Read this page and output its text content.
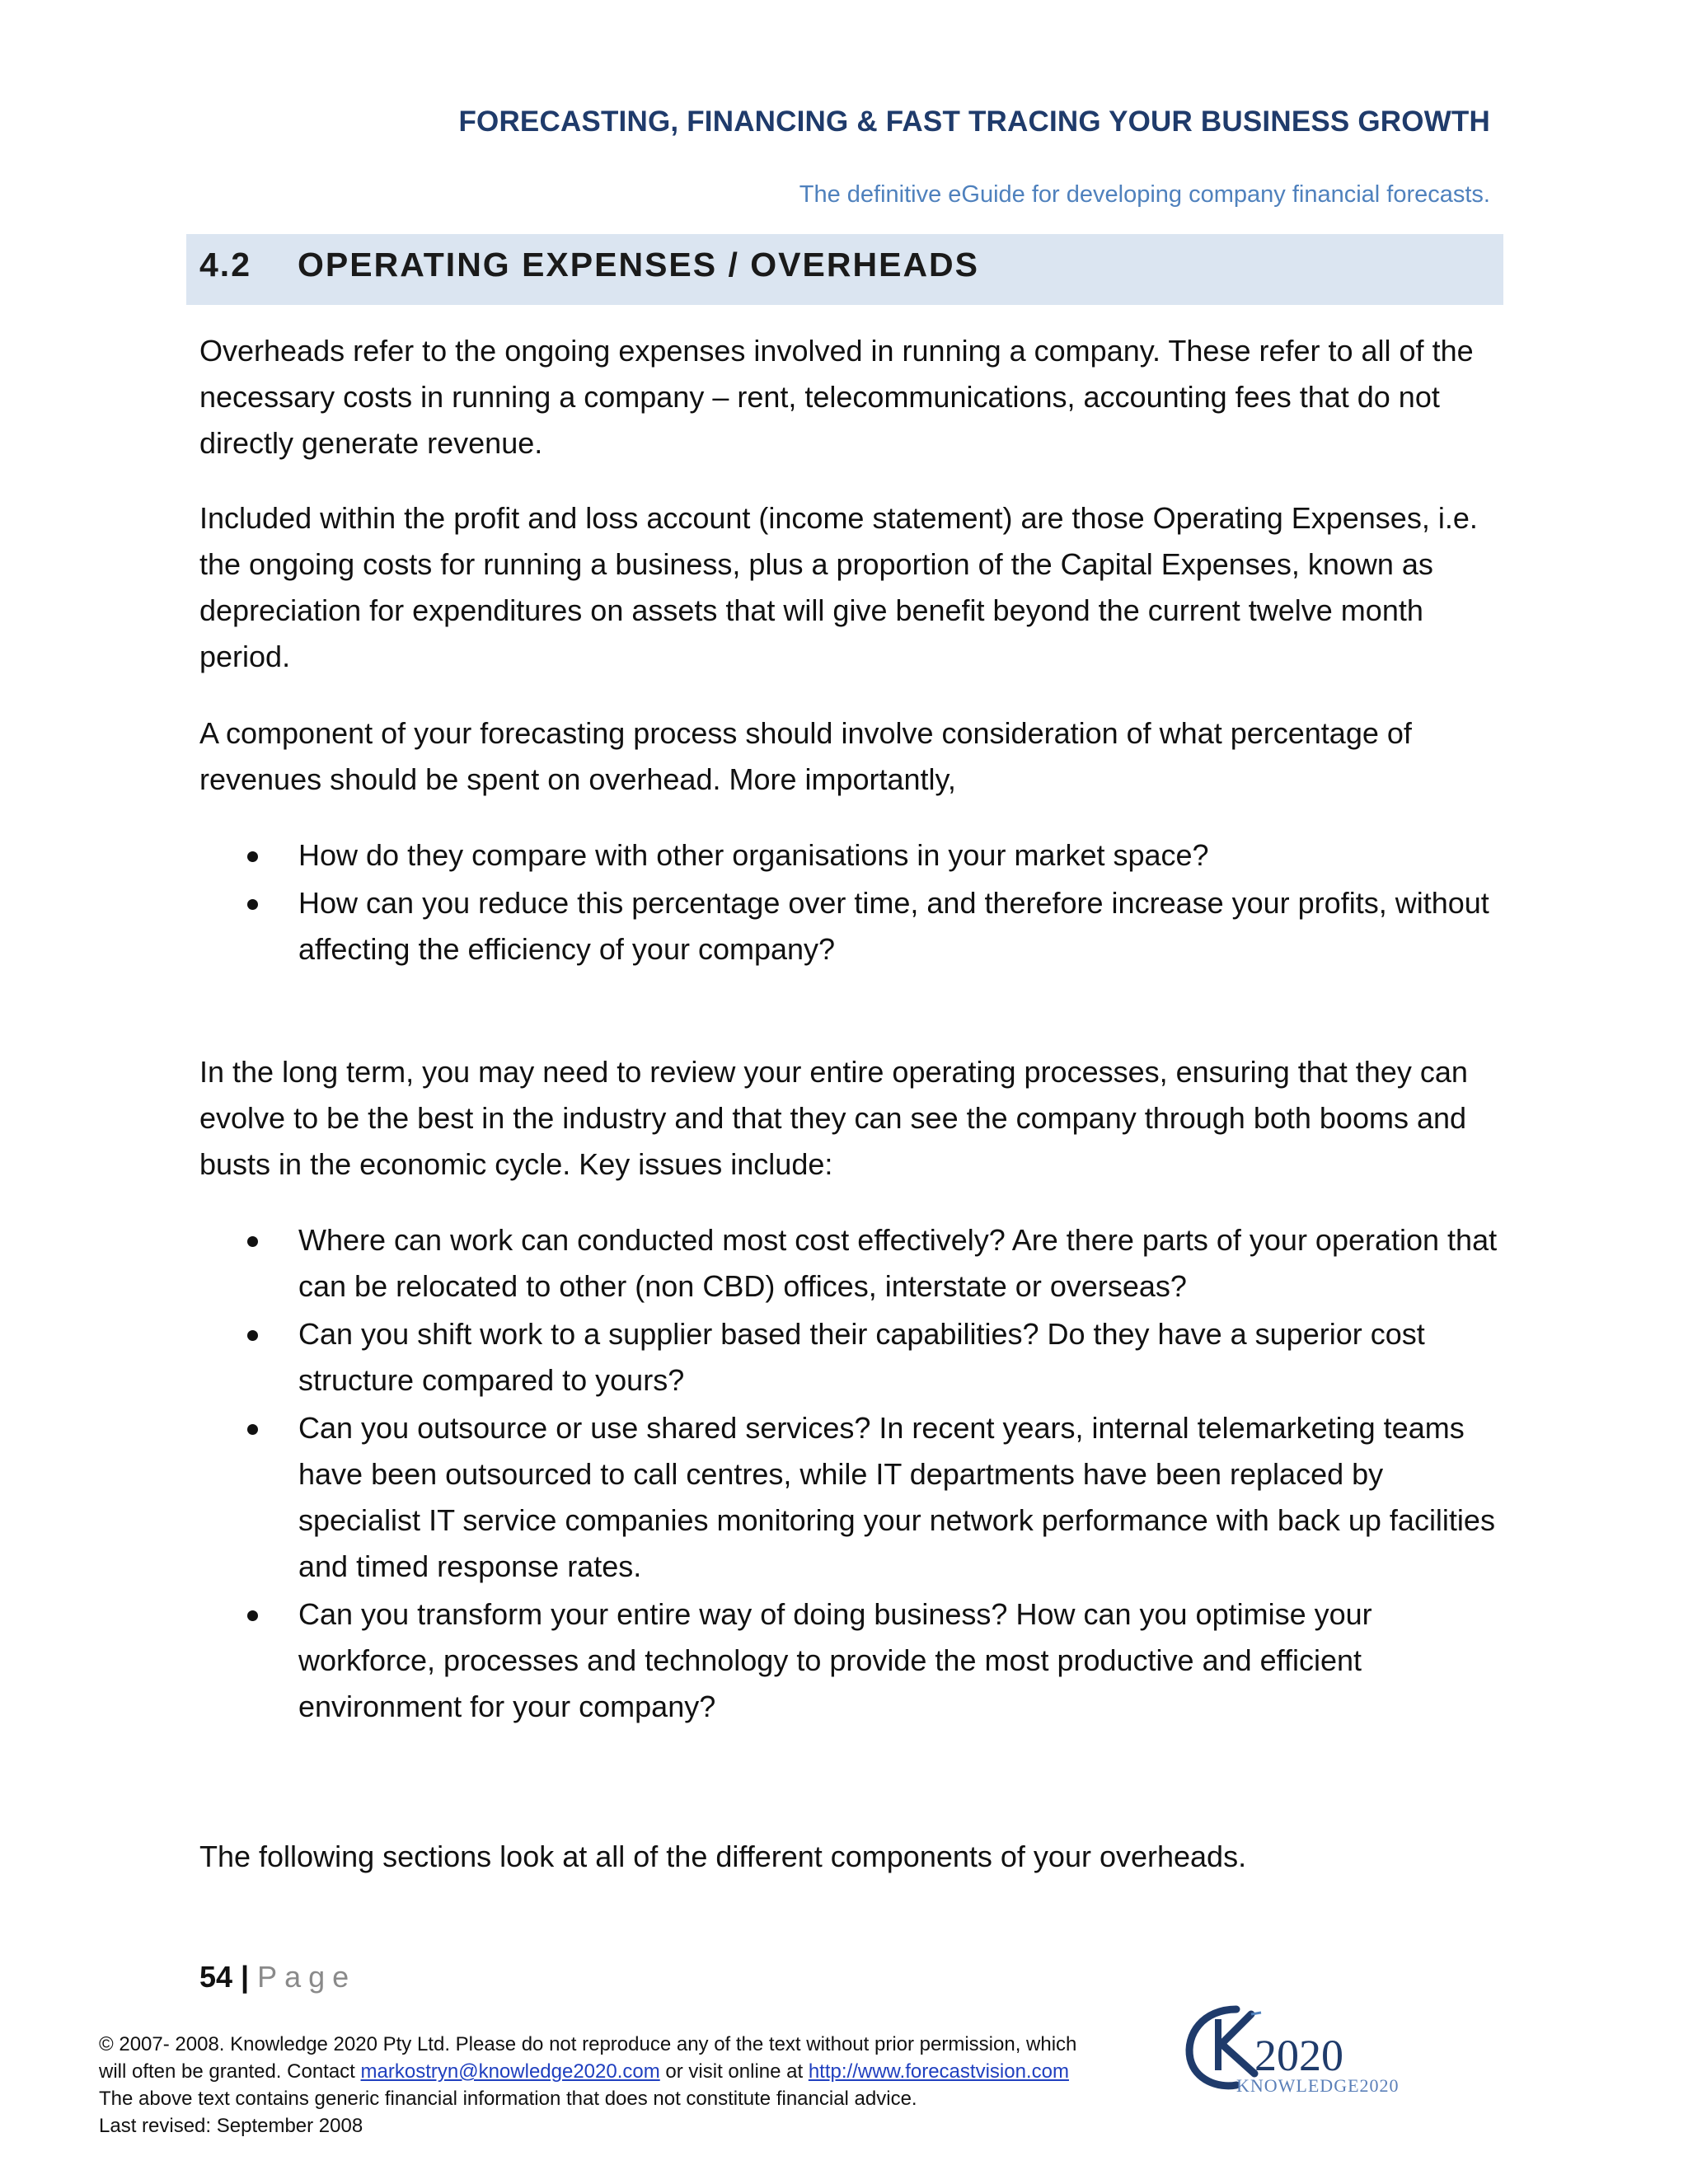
FORECASTING, FINANCING & FAST TRACING YOUR BUSINESS GROWTH
The definitive eGuide for developing company financial forecasts.
4.2 OPERATING EXPENSES / OVERHEADS

Overheads refer to the ongoing expenses involved in running a company. These refer to all of the necessary costs in running a company – rent, telecommunications, accounting fees that do not directly generate revenue.

Included within the profit and loss account (income statement) are those Operating Expenses, i.e. the ongoing costs for running a business, plus a proportion of the Capital Expenses, known as depreciation for expenditures on assets that will give benefit beyond the current twelve month period.

A component of your forecasting process should involve consideration of what percentage of revenues should be spent on overhead. More importantly,

How do they compare with other organisations in your market space?
How can you reduce this percentage over time, and therefore increase your profits, without affecting the efficiency of your company?

In the long term, you may need to review your entire operating processes, ensuring that they can evolve to be the best in the industry and that they can see the company through both booms and busts in the economic cycle. Key issues include:

Where can work can conducted most cost effectively? Are there parts of your operation that can be relocated to other (non CBD) offices, interstate or overseas?
Can you shift work to a supplier based their capabilities? Do they have a superior cost structure compared to yours?
Can you outsource or use shared services? In recent years, internal telemarketing teams have been outsourced to call centres, while IT departments have been replaced by specialist IT service companies monitoring your network performance with back up facilities and timed response rates.
Can you transform your entire way of doing business? How can you optimise your workforce, processes and technology to provide the most productive and efficient environment for your company?

The following sections look at all of the different components of your overheads.

54 | Page
© 2007- 2008. Knowledge 2020 Pty Ltd. Please do not reproduce any of the text without prior permission, which
will often be granted. Contact markostryn@knowledge2020.com or visit online at http://www.forecastvision.com
The above text contains generic financial information that does not constitute financial advice.
Last revised: September 2008
2020
KNOWLEDGE2020
